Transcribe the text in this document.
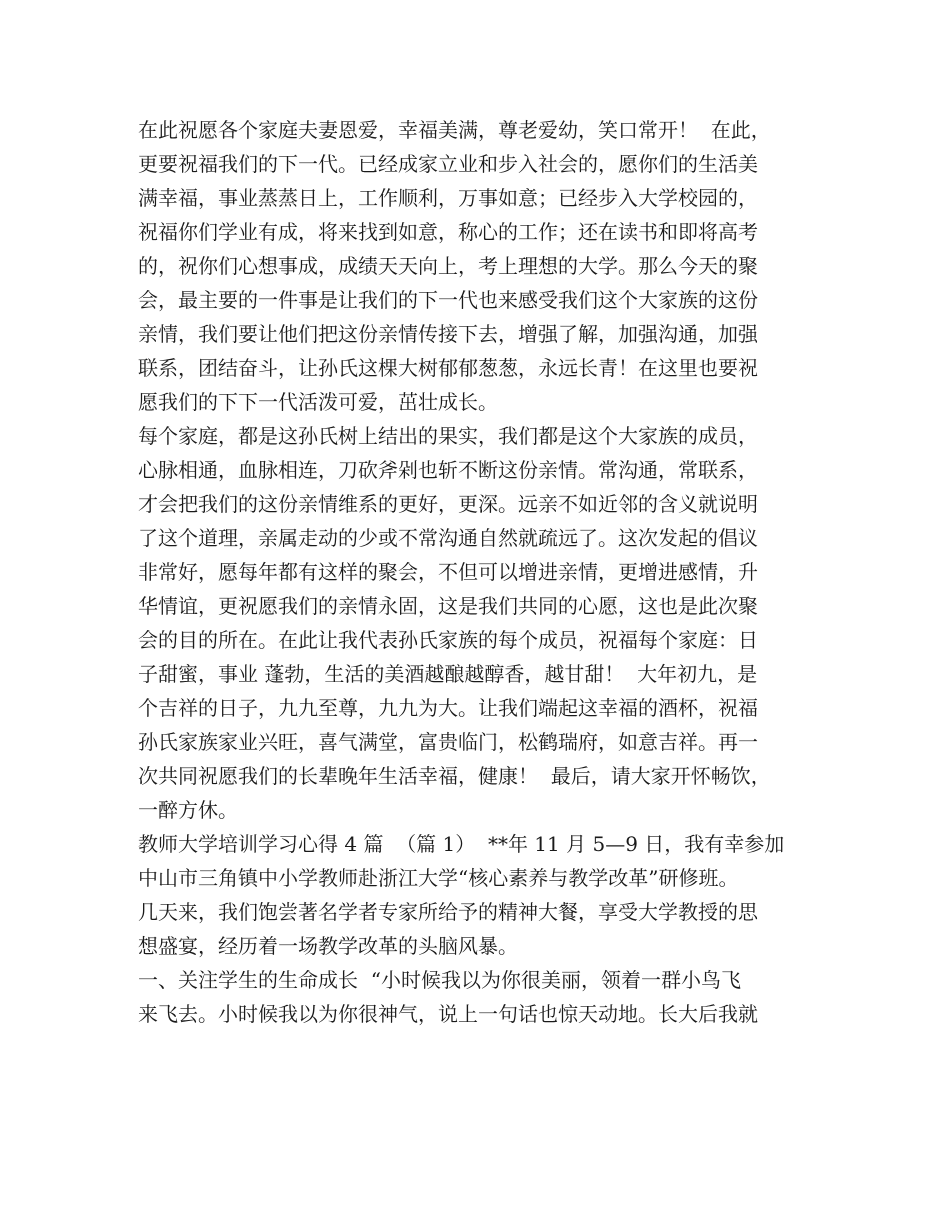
在此祝愿各个家庭夫妻恩爱，幸福美满，尊老爱幼，笑口常开！  在此，
更要祝福我们的下一代。已经成家立业和步入社会的，愿你们的生活美
满幸福，事业蒸蒸日上，工作顺利，万事如意；已经步入大学校园的，
祝福你们学业有成，将来找到如意，称心的工作；还在读书和即将高考
的，祝你们心想事成，成绩天天向上，考上理想的大学。那么今天的聚
会，最主要的一件事是让我们的下一代也来感受我们这个大家族的这份
亲情，我们要让他们把这份亲情传接下去，增强了解，加强沟通，加强
联系，团结奋斗，让孙氏这棵大树郁郁葱葱，永远长青！在这里也要祝
愿我们的下下一代活泼可爱，茁壮成长。
每个家庭，都是这孙氏树上结出的果实，我们都是这个大家族的成员，
心脉相通，血脉相连，刀砍斧剁也斩不断这份亲情。常沟通，常联系，
才会把我们的这份亲情维系的更好，更深。远亲不如近邻的含义就说明
了这个道理，亲属走动的少或不常沟通自然就疏远了。这次发起的倡议
非常好，愿每年都有这样的聚会，不但可以增进亲情，更增进感情，升
华情谊，更祝愿我们的亲情永固，这是我们共同的心愿，这也是此次聚
会的目的所在。在此让我代表孙氏家族的每个成员，祝福每个家庭：日
子甜蜜，事业 蓬勃，生活的美酒越酿越醇香，越甘甜！  大年初九，是
个吉祥的日子，九九至尊，九九为大。让我们端起这幸福的酒杯，祝福
孙氏家族家业兴旺，喜气满堂，富贵临门，松鹤瑞府，如意吉祥。再一
次共同祝愿我们的长辈晚年生活幸福，健康！  最后，请大家开怀畅饮，
一醉方休。
教师大学培训学习心得 4 篇  （篇 1）  **年 11 月 5—9 日，我有幸参加
中山市三角镇中小学教师赴浙江大学“核心素养与教学改革”研修班。
几天来，我们饱尝著名学者专家所给予的精神大餐，享受大学教授的思
想盛宴，经历着一场教学改革的头脑风暴。
一、关注学生的生命成长  “小时候我以为你很美丽，领着一群小鸟飞
来飞去。小时候我以为你很神气，说上一句话也惊天动地。长大后我就
